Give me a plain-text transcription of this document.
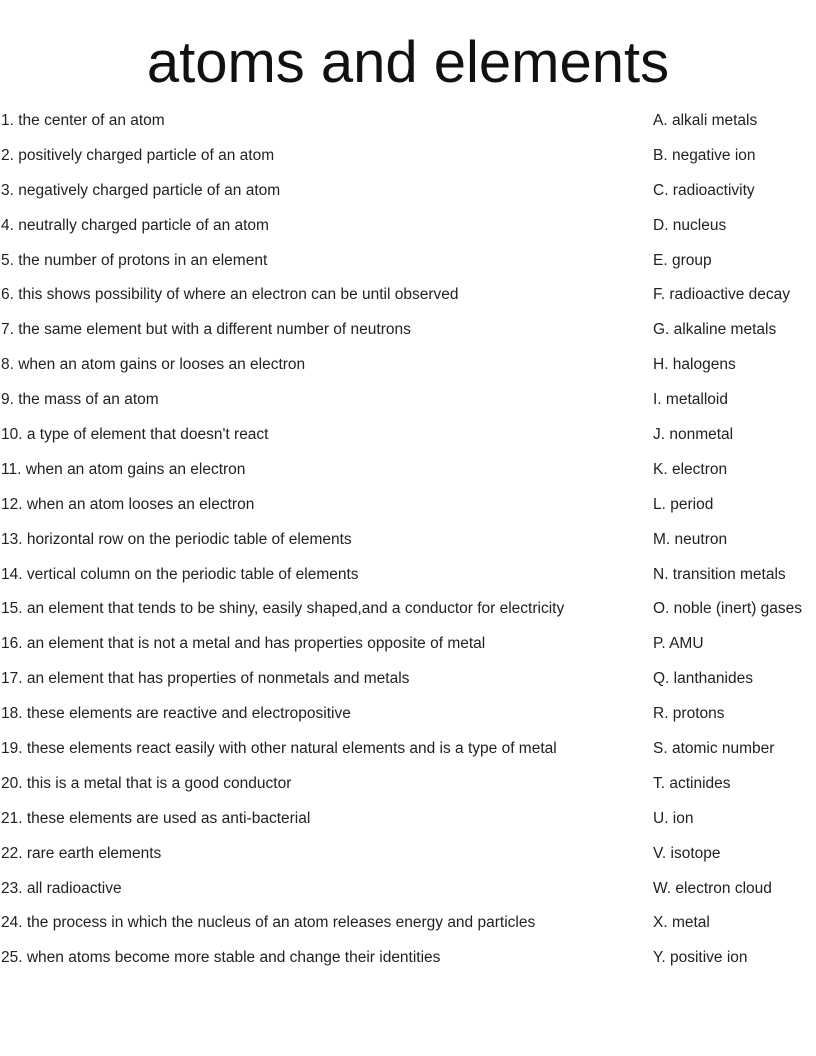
atoms and elements
1. the center of an atom	A. alkali metals
2. positively charged particle of an atom	B. negative ion
3. negatively charged particle of an atom	C. radioactivity
4. neutrally charged particle of an atom	D. nucleus
5. the number of protons in an element	E. group
6. this shows possibility of where an electron can be until observed	F. radioactive decay
7. the same element but with a different number of neutrons	G. alkaline metals
8. when an atom gains or looses an electron	H. halogens
9. the mass of an atom	I. metalloid
10. a type of element that doesn't react	J. nonmetal
11. when an atom gains an electron	K. electron
12. when an atom looses an electron	L. period
13. horizontal row on the periodic table of elements	M. neutron
14. vertical column on the periodic table of elements	N. transition metals
15. an element that tends to be shiny, easily shaped,and a conductor for electricity	O. noble (inert) gases
16. an element that is not a metal and has properties opposite of metal	P. AMU
17. an element that has properties of nonmetals and metals	Q. lanthanides
18. these elements are reactive and electropositive	R. protons
19. these elements react easily with other natural elements and is a type of metal	S. atomic number
20. this is a metal that is a good conductor	T. actinides
21. these elements are used as anti-bacterial	U. ion
22. rare earth elements	V. isotope
23. all radioactive	W. electron cloud
24. the process in which the nucleus of an atom releases energy and particles	X. metal
25. when atoms become more stable and change their identities	Y. positive ion
